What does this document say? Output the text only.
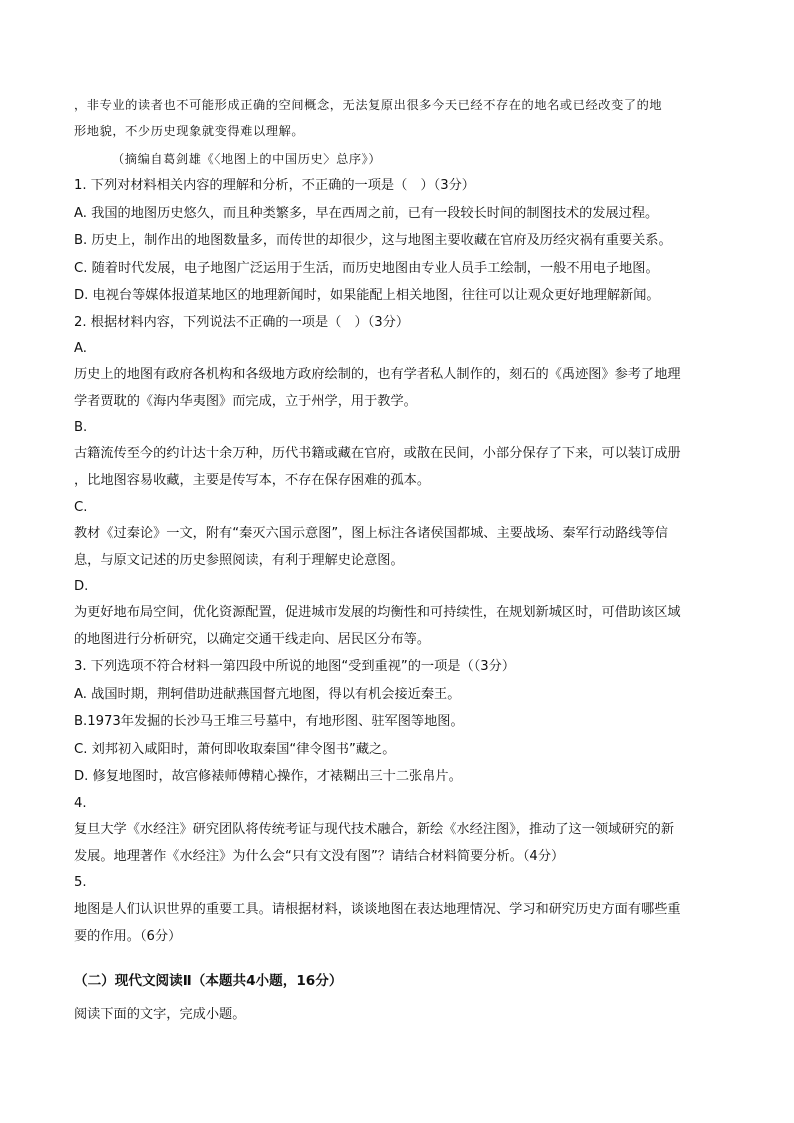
，非专业的读者也不可能形成正确的空间概念，无法复原出很多今天已经不存在的地名或已经改变了的地
形地貌，不少历史现象就变得难以理解。
（摘编自葛剑雄《〈地图上的中国历史〉总序》）
1. 下列对材料相关内容的理解和分析，不正确的一项是（　）（3分）
A. 我国的地图历史悠久，而且种类繁多，早在西周之前，已有一段较长时间的制图技术的发展过程。
B. 历史上，制作出的地图数量多，而传世的却很少，这与地图主要收藏在官府及历经灾祸有重要关系。
C. 随着时代发展，电子地图广泛运用于生活，而历史地图由专业人员手工绘制，一般不用电子地图。
D. 电视台等媒体报道某地区的地理新闻时，如果能配上相关地图，往往可以让观众更好地理解新闻。
2. 根据材料内容，下列说法不正确的一项是（　）（3分）
A.
历史上的地图有政府各机构和各级地方政府绘制的，也有学者私人制作的，刻石的《禹迹图》参考了地理
学者贾耽的《海内华夷图》而完成，立于州学，用于教学。
B.
古籍流传至今的约计达十余万种，历代书籍或藏在官府，或散在民间，小部分保存了下来，可以装订成册
，比地图容易收藏，主要是传写本，不存在保存困难的孤本。
C.
教材《过秦论》一文，附有“秦灭六国示意图”，图上标注各诸侯国都城、主要战场、秦军行动路线等信
息，与原文记述的历史参照阅读，有利于理解史论意图。
D.
为更好地布局空间，优化资源配置，促进城市发展的均衡性和可持续性，在规划新城区时，可借助该区域
的地图进行分析研究，以确定交通干线走向、居民区分布等。
3. 下列选项不符合材料一第四段中所说的地图“受到重视”的一项是（（3分）
A. 战国时期，荆轲借助进献燕国督亢地图，得以有机会接近秦王。
B.1973年发掘的长沙马王堆三号墓中，有地形图、驻军图等地图。
C. 刘邦初入咸阳时，萧何即收取秦国“律令图书”藏之。
D. 修复地图时，故宫修裱师傅精心操作，才裱糊出三十二张帛片。
4.
复旦大学《水经注》研究团队将传统考证与现代技术融合，新绘《水经注图》，推动了这一领域研究的新
发展。地理著作《水经注》为什么会“只有文没有图”？请结合材料简要分析。（4分）
5.
地图是人们认识世界的重要工具。请根据材料，谈谈地图在表达地理情况、学习和研究历史方面有哪些重
要的作用。（6分）
（二）现代文阅读Ⅱ（本题共4小题，16分）
阅读下面的文字，完成小题。
